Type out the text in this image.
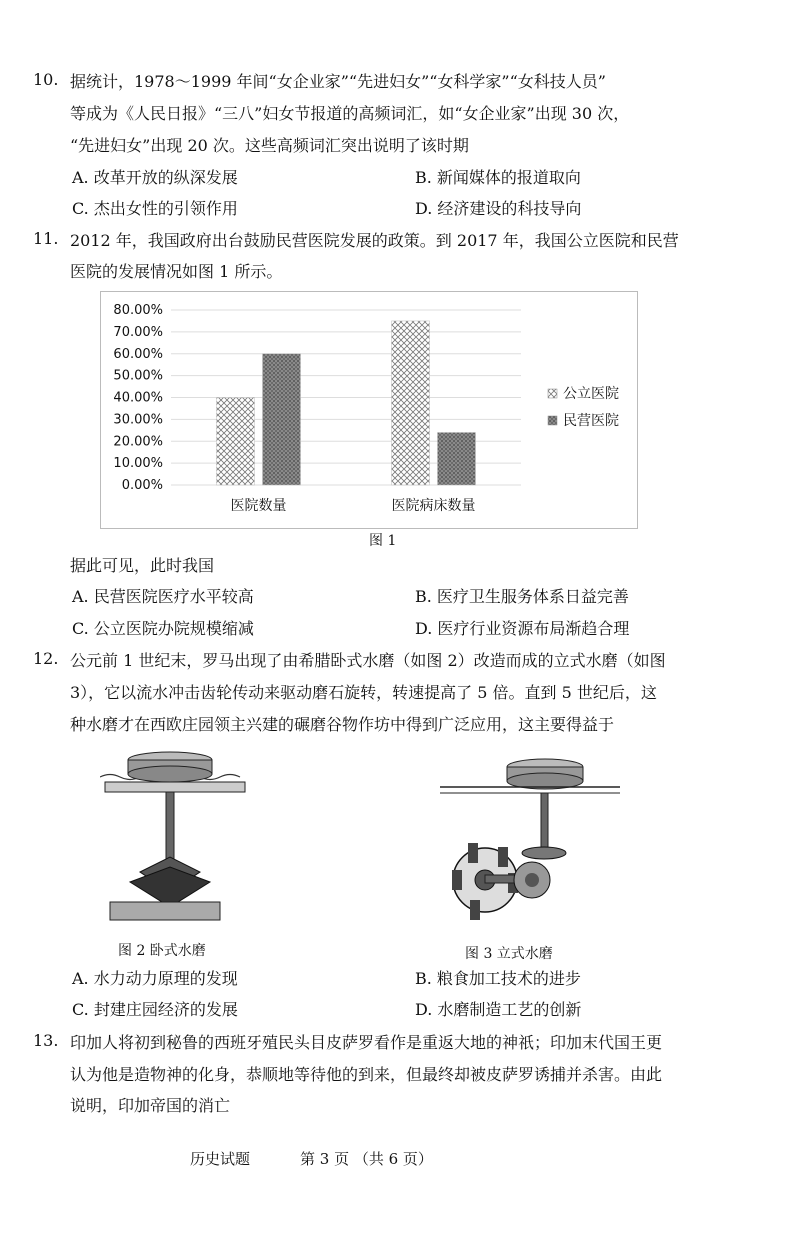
10. 据统计，1978～1999 年间“女企业家”“先进妇女”“女科学家”“女科技人员”
等成为《人民日报》“三八”妇女节报道的高频词汇，如“女企业家”出现 30 次，
“先进妇女”出现 20 次。这些高频词汇突出说明了该时期
A. 改革开放的纵深发展	B. 新闻媒体的报道取向
C. 杰出女性的引领作用	D. 经济建设的科技导向
11. 2012 年，我国政府出台鼓励民营医院发展的政策。到 2017 年，我国公立医院和民营
医院的发展情况如图 1 所示。
0.00%
10.00%
20.00%
30.00%
40.00%
50.00%
60.00%
70.00%
80.00%
医院数量	医院病床数量
公立医院
民营医院
图 1
据此可见，此时我国
A. 民营医院医疗水平较高	B. 医疗卫生服务体系日益完善
C. 公立医院办院规模缩减	D. 医疗行业资源布局渐趋合理
12. 公元前 1 世纪末，罗马出现了由希腊卧式水磨（如图 2）改造而成的立式水磨（如图
3），它以流水冲击齿轮传动来驱动磨石旋转，转速提高了 5 倍。直到 5 世纪后，这
种水磨才在西欧庄园领主兴建的碾磨谷物作坊中得到广泛应用，这主要得益于
图 2 卧式水磨	图 3 立式水磨
A. 水力动力原理的发现	B. 粮食加工技术的进步
C. 封建庄园经济的发展	D. 水磨制造工艺的创新
13. 印加人将初到秘鲁的西班牙殖民头目皮萨罗看作是重返大地的神祇；印加末代国王更
认为他是造物神的化身，恭顺地等待他的到来，但最终却被皮萨罗诱捕并杀害。由此
说明，印加帝国的消亡
历史试题	第 3 页 （共 6 页）
